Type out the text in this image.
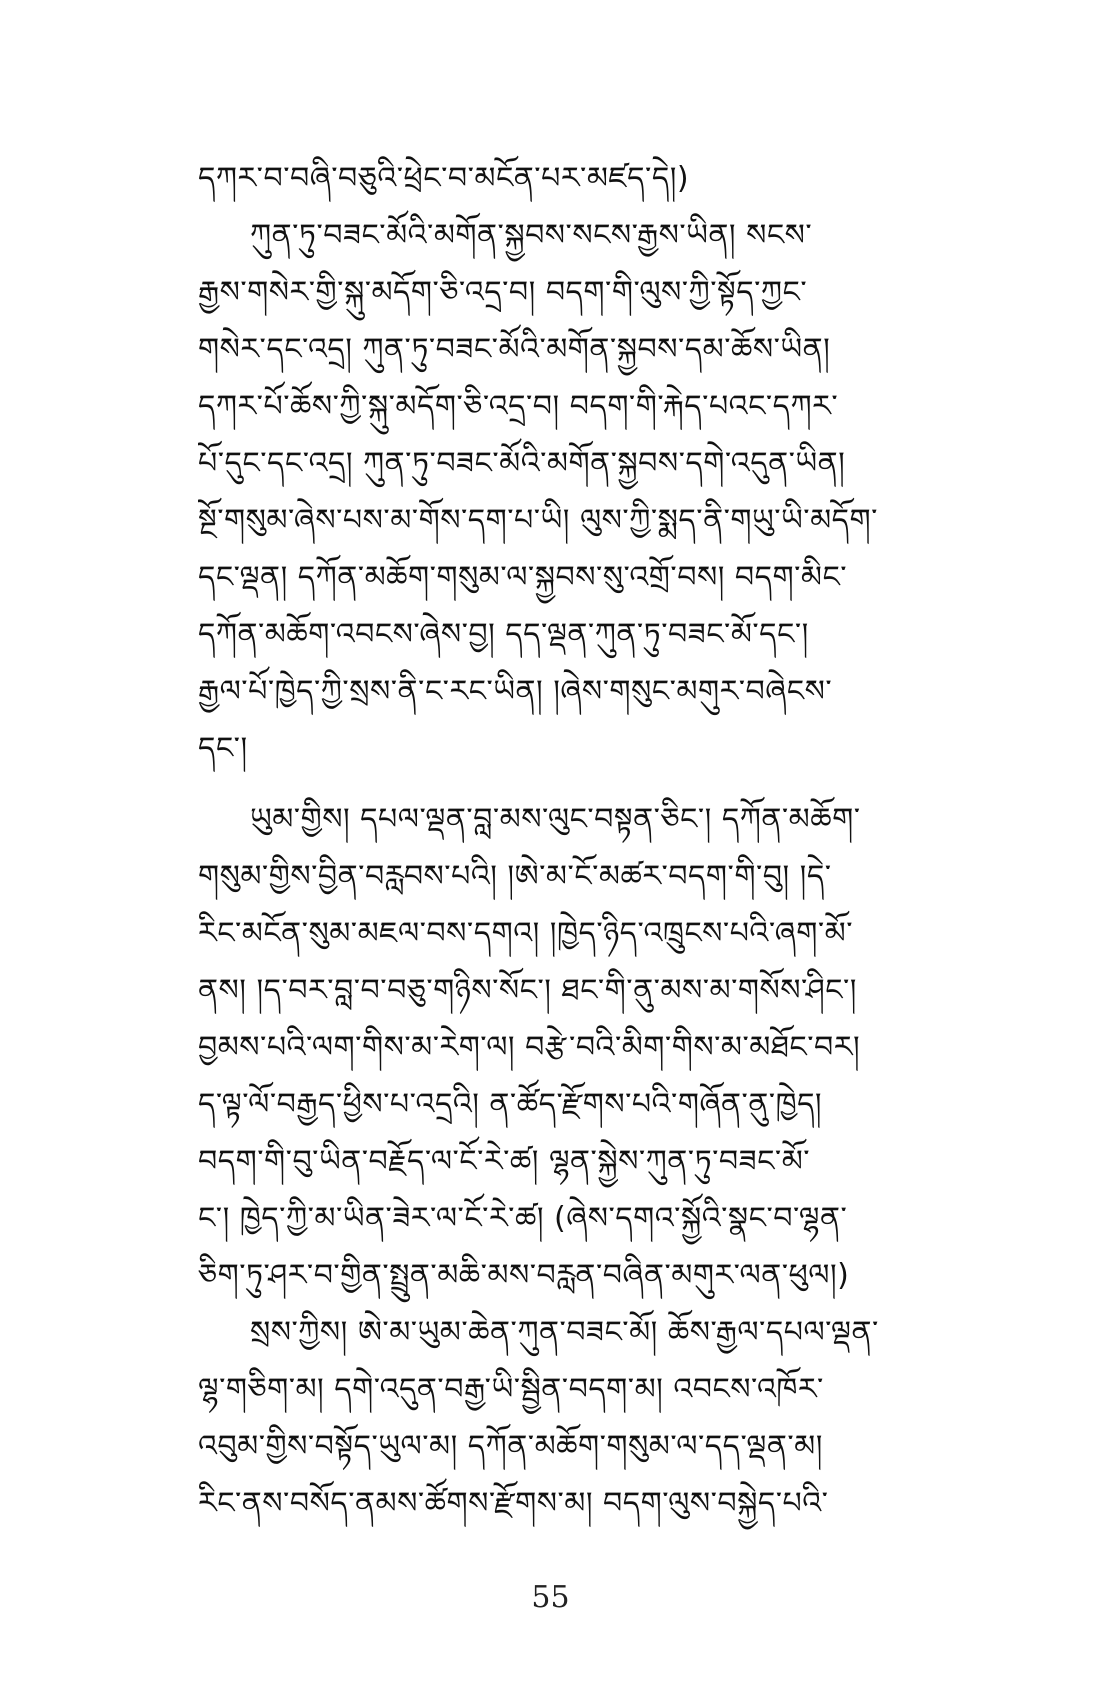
དཀར་བ་བཞི་བཅུའི་ཕྲེང་བ་མངོན་པར་མཛད་དེ།)
ཀུན་ཏུ་བཟང་མོའི་མགོན་སྐྱབས་སངས་རྒྱས་ཡིན། སངས་
རྒྱས་གསེར་གྱི་སྐུ་མདོག་ཅི་འདྲ་བ། བདག་གི་ལུས་ཀྱི་སྟོད་ཀྱང་
གསེར་དང་འདྲ། ཀུན་ཏུ་བཟང་མོའི་མགོན་སྐྱབས་དམ་ཆོས་ཡིན།
དཀར་པོ་ཆོས་ཀྱི་སྐུ་མདོག་ཅི་འདྲ་བ། བདག་གི་རྐེད་པའང་དཀར་
པོ་དུང་དང་འདྲ། ཀུན་ཏུ་བཟང་མོའི་མགོན་སྐྱབས་དགེ་འདུན་ཡིན།
སྔོ་གསུམ་ཞེས་པས་མ་གོས་དག་པ་ཡི། ལུས་ཀྱི་སྨད་ནི་གཡུ་ཡི་མདོག་
དང་ལྡན། དཀོན་མཆོག་གསུམ་ལ་སྐྱབས་སུ་འགྲོ་བས། བདག་མིང་
དཀོན་མཆོག་འབངས་ཞེས་བྱ། དད་ལྡན་ཀུན་ཏུ་བཟང་མོ་དང་།
རྒྱལ་པོ་ཁྱེད་ཀྱི་སྲས་ནི་ང་རང་ཡིན། །ཞེས་གསུང་མགུར་བཞེངས་
དང་།
ཡུམ་གྱིས། དཔལ་ལྡན་བླ་མས་ལུང་བསྟན་ཅིང་། དཀོན་མཆོག་
གསུམ་གྱིས་བྱིན་བརླབས་པའི། །ཨེ་མ་ངོ་མཚར་བདག་གི་བུ། །དེ་
རིང་མངོན་སུམ་མཇལ་བས་དགའ། །ཁྱེད་ཉིད་འཁྲུངས་པའི་ཞག་མོ་
ནས། །ད་བར་བླ་བ་བཅུ་གཉིས་སོང་། ཐང་གི་ནུ་མས་མ་གསོས་ཤིང་།
བྱམས་པའི་ལག་གིས་མ་རེག་ལ། བརྩེ་བའི་མིག་གིས་མ་མཐོང་བར།
ད་ལྟ་ལོ་བརྒྱད་ཕྱིས་པ་འདྲའི། ན་ཚོད་རྫོགས་པའི་གཞོན་ནུ་ཁྱེད།
བདག་གི་བུ་ཡིན་བརྗོད་ལ་ངོ་རེ་ཚ། ལྷན་སྐྱེས་ཀུན་ཏུ་བཟང་མོ་
ང་། ཁྱེད་ཀྱི་མ་ཡིན་ཟེར་ལ་ངོ་རེ་ཚ། (ཞེས་དགའ་སྐྱོའི་སྣང་བ་ལྷན་
ཅིག་ཏུ་ཤར་བ་གྱིན་སྤྲུན་མཆི་མས་བརླན་བཞིན་མགུར་ལན་ཕུལ།)
སྲས་ཀྱིས། ཨེ་མ་ཡུམ་ཆེན་ཀུན་བཟང་མོ། ཆོས་རྒྱལ་དཔལ་ལྡན་
ལྷ་གཅིག་མ། དགེ་འདུན་བརྒྱ་ཡི་སྦྱིན་བདག་མ། འབངས་འཁོར་
འབུམ་གྱིས་བསྟོད་ཡུལ་མ། དཀོན་མཆོག་གསུམ་ལ་དད་ལྡན་མ།
རིང་ནས་བསོད་ནམས་ཚོགས་རྫོགས་མ། བདག་ལུས་བསྐྱེད་པའི་
55
